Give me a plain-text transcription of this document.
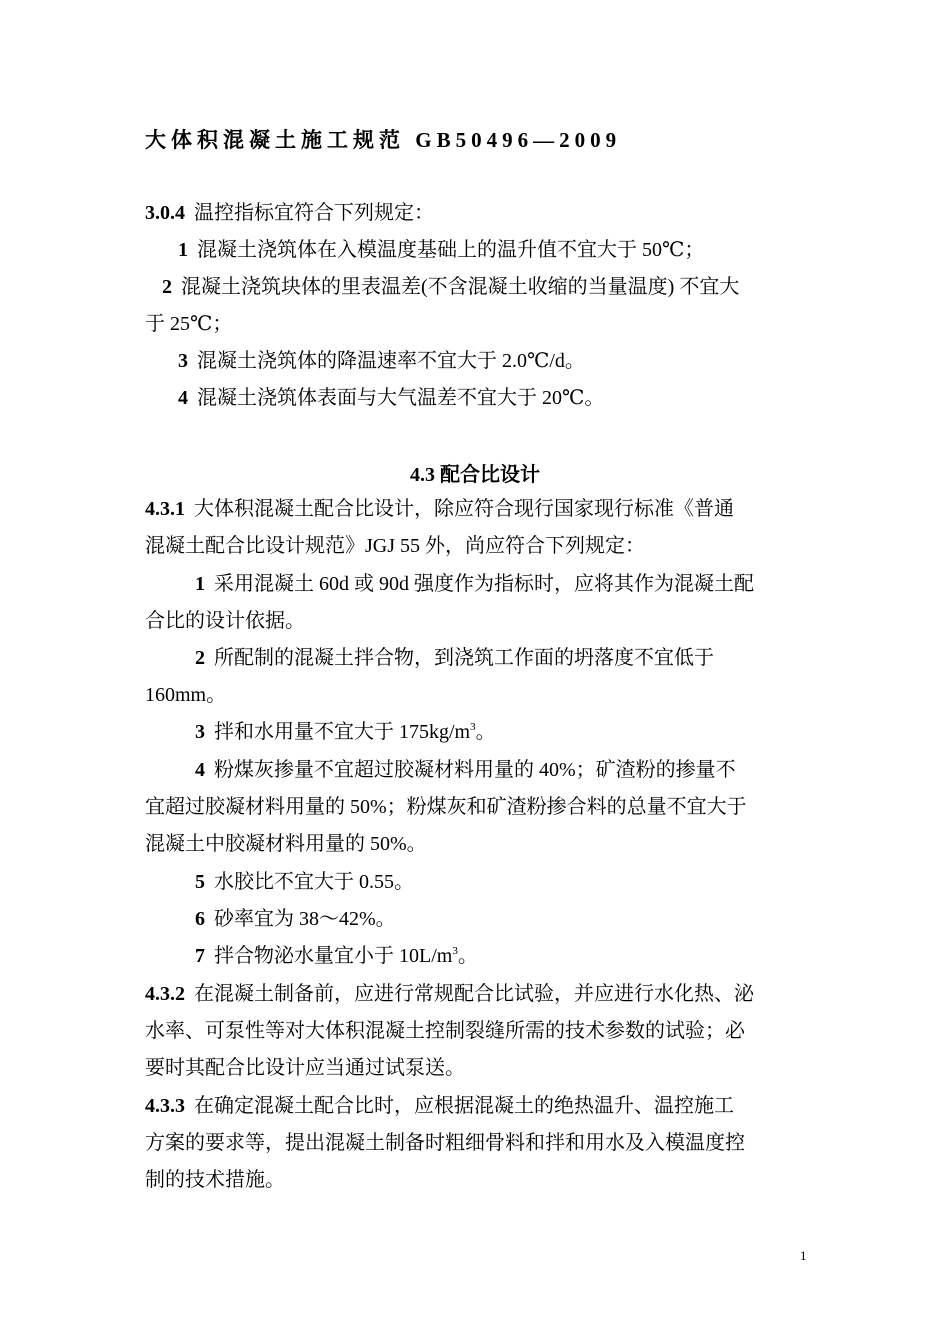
大体积混凝土施工规范 GB50496—2009
3.0.4 温控指标宜符合下列规定：
1 混凝土浇筑体在入模温度基础上的温升值不宜大于 50℃；
2 混凝土浇筑块体的里表温差(不含混凝土收缩的当量温度) 不宜大
于 25℃；
3 混凝土浇筑体的降温速率不宜大于 2.0℃/d。
4 混凝土浇筑体表面与大气温差不宜大于 20℃。
4.3 配合比设计
4.3.1 大体积混凝土配合比设计，除应符合现行国家现行标准《普通
混凝土配合比设计规范》JGJ 55 外，尚应符合下列规定：
1 采用混凝土 60d 或 90d 强度作为指标时，应将其作为混凝土配
合比的设计依据。
2 所配制的混凝土拌合物，到浇筑工作面的坍落度不宜低于
160mm。
3 拌和水用量不宜大于 $175kg/m^3$。
4 粉煤灰掺量不宜超过胶凝材料用量的 40%；矿渣粉的掺量不
宜超过胶凝材料用量的 50%；粉煤灰和矿渣粉掺合料的总量不宜大于
混凝土中胶凝材料用量的 50%。
5 水胶比不宜大于 0.55。
6 砂率宜为 38～42%。
7 拌合物泌水量宜小于 $10L/m^3$。
4.3.2 在混凝土制备前，应进行常规配合比试验，并应进行水化热、泌
水率、可泵性等对大体积混凝土控制裂缝所需的技术参数的试验；必
要时其配合比设计应当通过试泵送。
4.3.3 在确定混凝土配合比时，应根据混凝土的绝热温升、温控施工
方案的要求等，提出混凝土制备时粗细骨料和拌和用水及入模温度控
制的技术措施。
1
